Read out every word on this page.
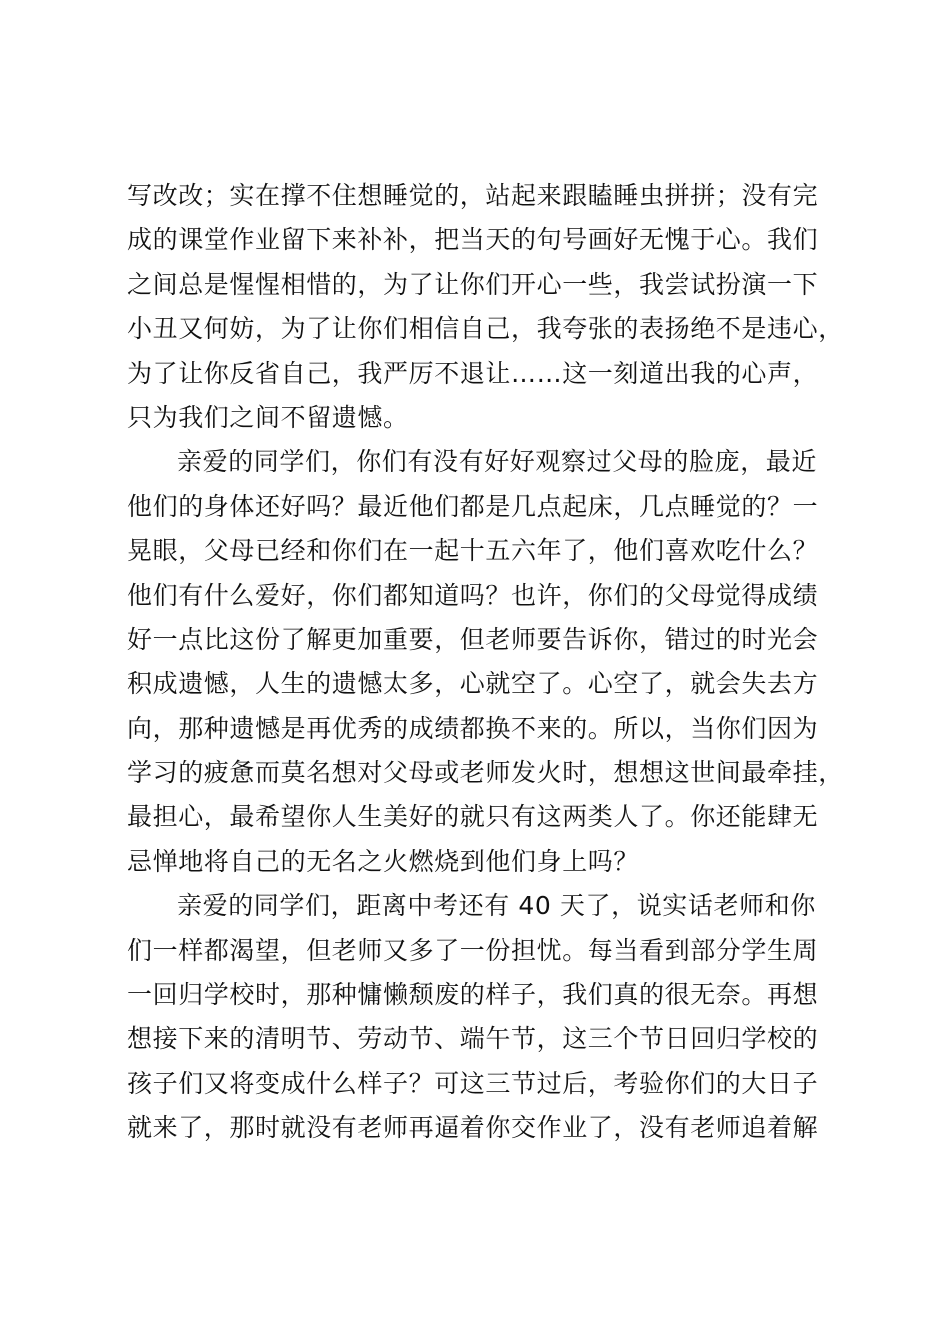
写改改；实在撑不住想睡觉的，站起来跟瞌睡虫拼拼；没有完
成的课堂作业留下来补补，把当天的句号画好无愧于心。我们
之间总是惺惺相惜的，为了让你们开心一些，我尝试扮演一下
小丑又何妨，为了让你们相信自己，我夸张的表扬绝不是违心，
为了让你反省自己，我严厉不退让……这一刻道出我的心声，
只为我们之间不留遗憾。
亲爱的同学们，你们有没有好好观察过父母的脸庞，最近
他们的身体还好吗？最近他们都是几点起床，几点睡觉的？一
晃眼，父母已经和你们在一起十五六年了，他们喜欢吃什么？
他们有什么爱好，你们都知道吗？也许，你们的父母觉得成绩
好一点比这份了解更加重要，但老师要告诉你，错过的时光会
积成遗憾，人生的遗憾太多，心就空了。心空了，就会失去方
向，那种遗憾是再优秀的成绩都换不来的。所以，当你们因为
学习的疲惫而莫名想对父母或老师发火时，想想这世间最牵挂，
最担心，最希望你人生美好的就只有这两类人了。你还能肆无
忌惮地将自己的无名之火燃烧到他们身上吗？
亲爱的同学们，距离中考还有 40 天了，说实话老师和你
们一样都渴望，但老师又多了一份担忧。每当看到部分学生周
一回归学校时，那种慵懒颓废的样子，我们真的很无奈。再想
想接下来的清明节、劳动节、端午节，这三个节日回归学校的
孩子们又将变成什么样子？可这三节过后，考验你们的大日子
就来了，那时就没有老师再逼着你交作业了，没有老师追着解
